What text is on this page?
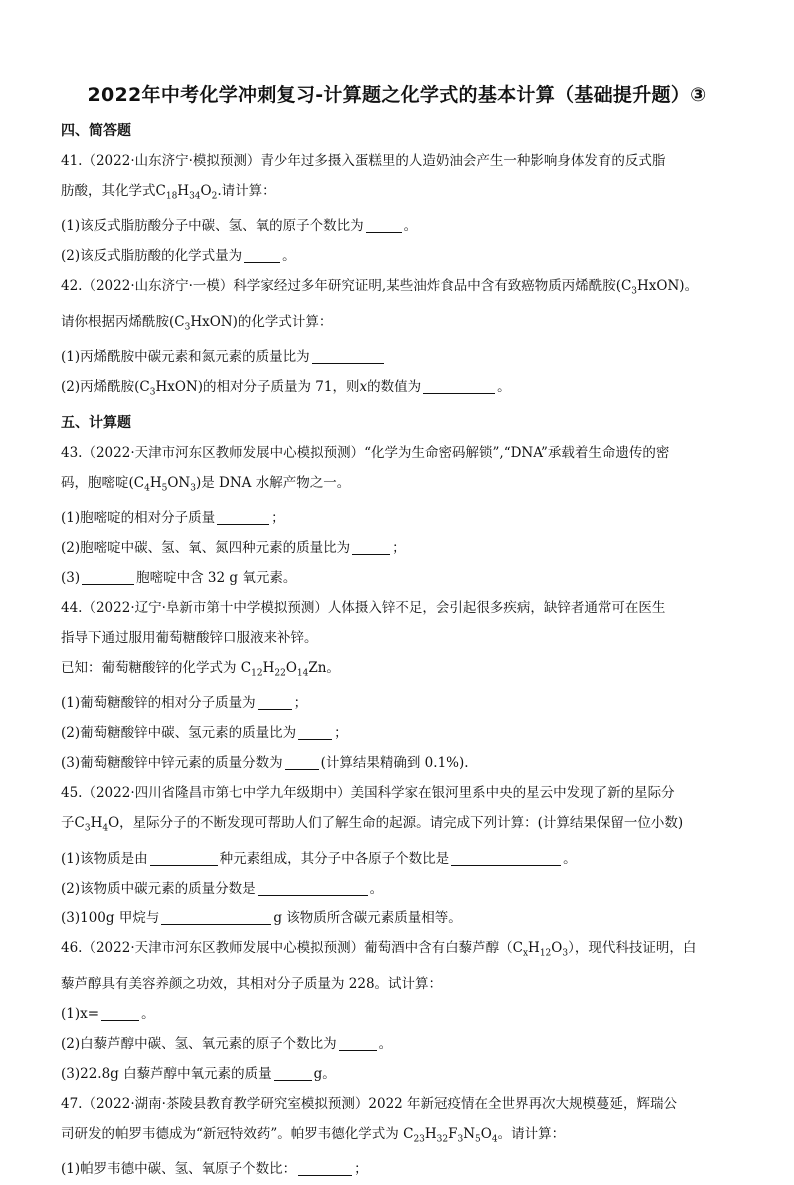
2022年中考化学冲刺复习-计算题之化学式的基本计算（基础提升题）③
四、简答题
41.（2022·山东济宁·模拟预测）青少年过多摄入蛋糕里的人造奶油会产生一种影响身体发育的反式脂
肪酸，其化学式$C_{18}H_{34}O_2$.请计算：
(1)该反式脂肪酸分子中碳、氢、氧的原子个数比为	。
(2)该反式脂肪酸的化学式量为	。
42.（2022·山东济宁·一模）科学家经过多年研究证明,某些油炸食品中含有致癌物质丙烯酰胺$(C_3HxON)$。
请你根据丙烯酰胺$(C_3HxON)$的化学式计算：
(1)丙烯酰胺中碳元素和氮元素的质量比为
(2)丙烯酰胺$(C_3HxON)$的相对分子质量为 71，则x的数值为	。
五、计算题
43.（2022·天津市河东区教师发展中心模拟预测）“化学为生命密码解锁”,“DNA”承载着生命遗传的密
码，胞嘧啶$(C_4H_5ON_3)$是 DNA 水解产物之一。
(1)胞嘧啶的相对分子质量	；
(2)胞嘧啶中碳、氢、氧、氮四种元素的质量比为	；
(3)	胞嘧啶中含 32 g 氧元素。
44.（2022·辽宁·阜新市第十中学模拟预测）人体摄入锌不足，会引起很多疾病，缺锌者通常可在医生
指导下通过服用葡萄糖酸锌口服液来补锌。
已知：葡萄糖酸锌的化学式为 $C_{12}H_{22}O_{14}Zn$。
(1)葡萄糖酸锌的相对分子质量为	；
(2)葡萄糖酸锌中碳、氢元素的质量比为	；
(3)葡萄糖酸锌中锌元素的质量分数为	(计算结果精确到 0.1%).
45.（2022·四川省隆昌市第七中学九年级期中）美国科学家在银河里系中央的星云中发现了新的星际分
子$C_3H_4O$，星际分子的不断发现可帮助人们了解生命的起源。请完成下列计算：(计算结果保留一位小数)
(1)该物质是由	种元素组成，其分子中各原子个数比是	。
(2)该物质中碳元素的质量分数是	。
(3)100g 甲烷与	g 该物质所含碳元素质量相等。
46.（2022·天津市河东区教师发展中心模拟预测）葡萄酒中含有白藜芦醇$(C_xH_{12}O_3)$，现代科技证明，白
藜芦醇具有美容养颜之功效，其相对分子质量为 228。试计算：
(1)x=	。
(2)白藜芦醇中碳、氢、氧元素的原子个数比为	。
(3)22.8g 白藜芦醇中氧元素的质量	g。
47.（2022·湖南·茶陵县教育教学研究室模拟预测）2022 年新冠疫情在全世界再次大规模蔓延，辉瑞公
司研发的帕罗韦德成为“新冠特效药”。帕罗韦德化学式为 $C_{23}H_{32}F_3N_5O_4$。请计算：
(1)帕罗韦德中碳、氢、氧原子个数比：	；
